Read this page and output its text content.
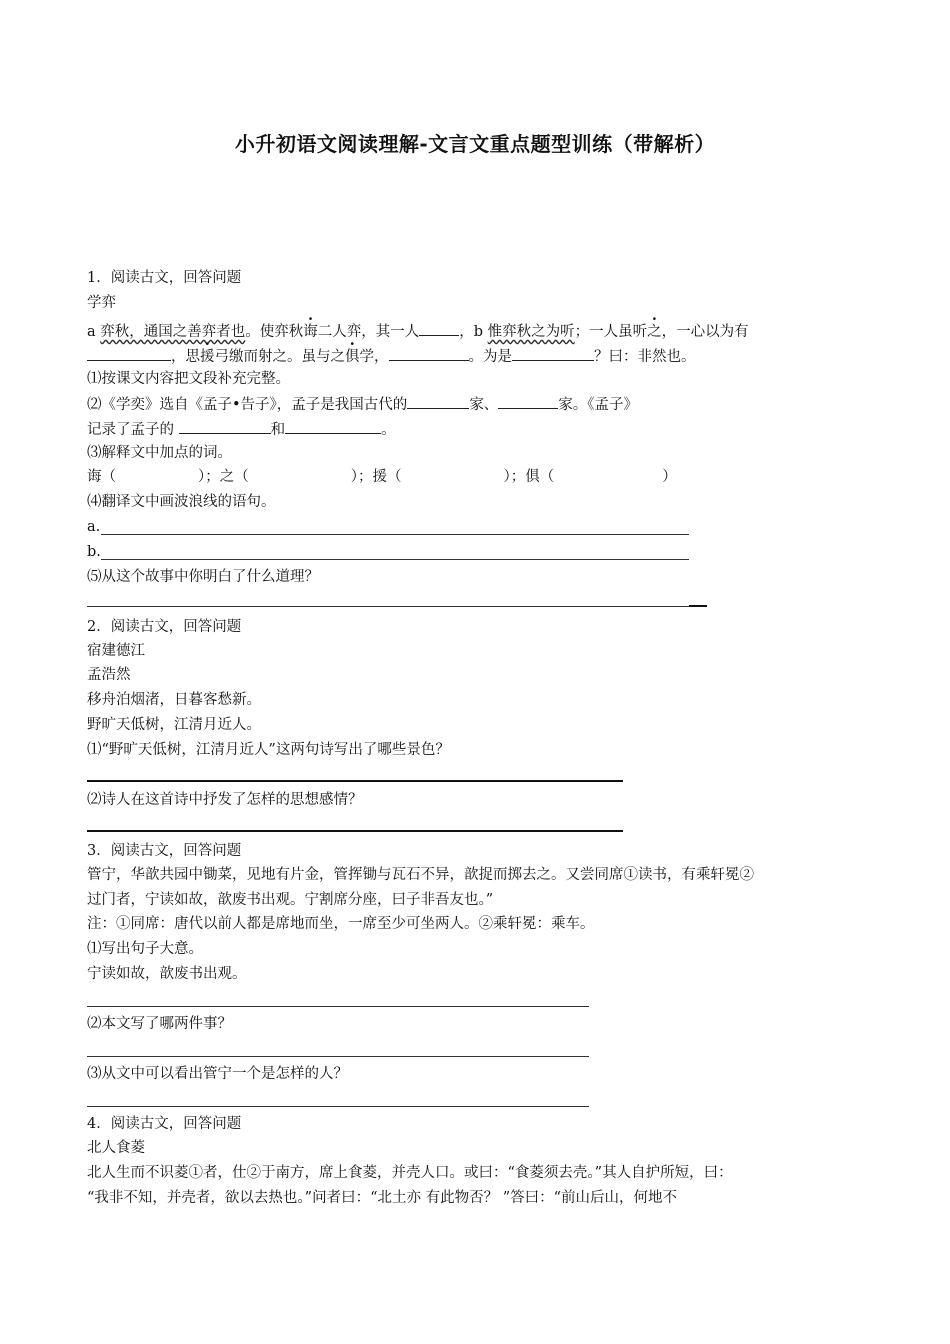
小升初语文阅读理解-文言文重点题型训练（带解析）
1．阅读古文，回答问题
学弈
a 弈秋，通国之善弈者也。使弈秋诲二人弈，其一人	，b 惟弈秋之为听；一人虽听之，一心以为有
，思援弓缴而射之。虽与之俱学，	。为是	？曰：非然也。
⑴按课文内容把文段补充完整。
⑵《学奕》选自《孟子•告子》，孟子是我国古代的	家、	家。《孟子》
记录了孟子的	和	。
⑶解释文中加点的词。
诲（	）；之（	）；援（	）；俱（	）
⑷翻译文中画波浪线的语句。
a.
b.
⑸从这个故事中你明白了什么道理？
2．阅读古文，回答问题
宿建德江
孟浩然
移舟泊烟渚，日暮客愁新。
野旷天低树，江清月近人。
⑴“野旷天低树，江清月近人”这两句诗写出了哪些景色？
⑵诗人在这首诗中抒发了怎样的思想感情？
3．阅读古文，回答问题
管宁，华歆共园中锄菜，见地有片金，管挥锄与瓦石不异，歆捉而掷去之。又尝同席①读书，有乘轩冕②
过门者，宁读如故，歆废书出观。宁割席分座，曰子非吾友也。”
注：①同席：唐代以前人都是席地而坐，一席至少可坐两人。②乘轩冕：乘车。
⑴写出句子大意。
宁读如故，歆废书出观。
⑵本文写了哪两件事？
⑶从文中可以看出管宁一个是怎样的人？
4．阅读古文，回答问题
北人食菱
北人生而不识菱①者，仕②于南方，席上食菱，并壳人口。或曰：“食菱须去壳。”其人自护所短，曰：
“我非不知，并壳者，欲以去热也。”问者曰：“北土亦 有此物否？ ”答曰：“前山后山，何地不
